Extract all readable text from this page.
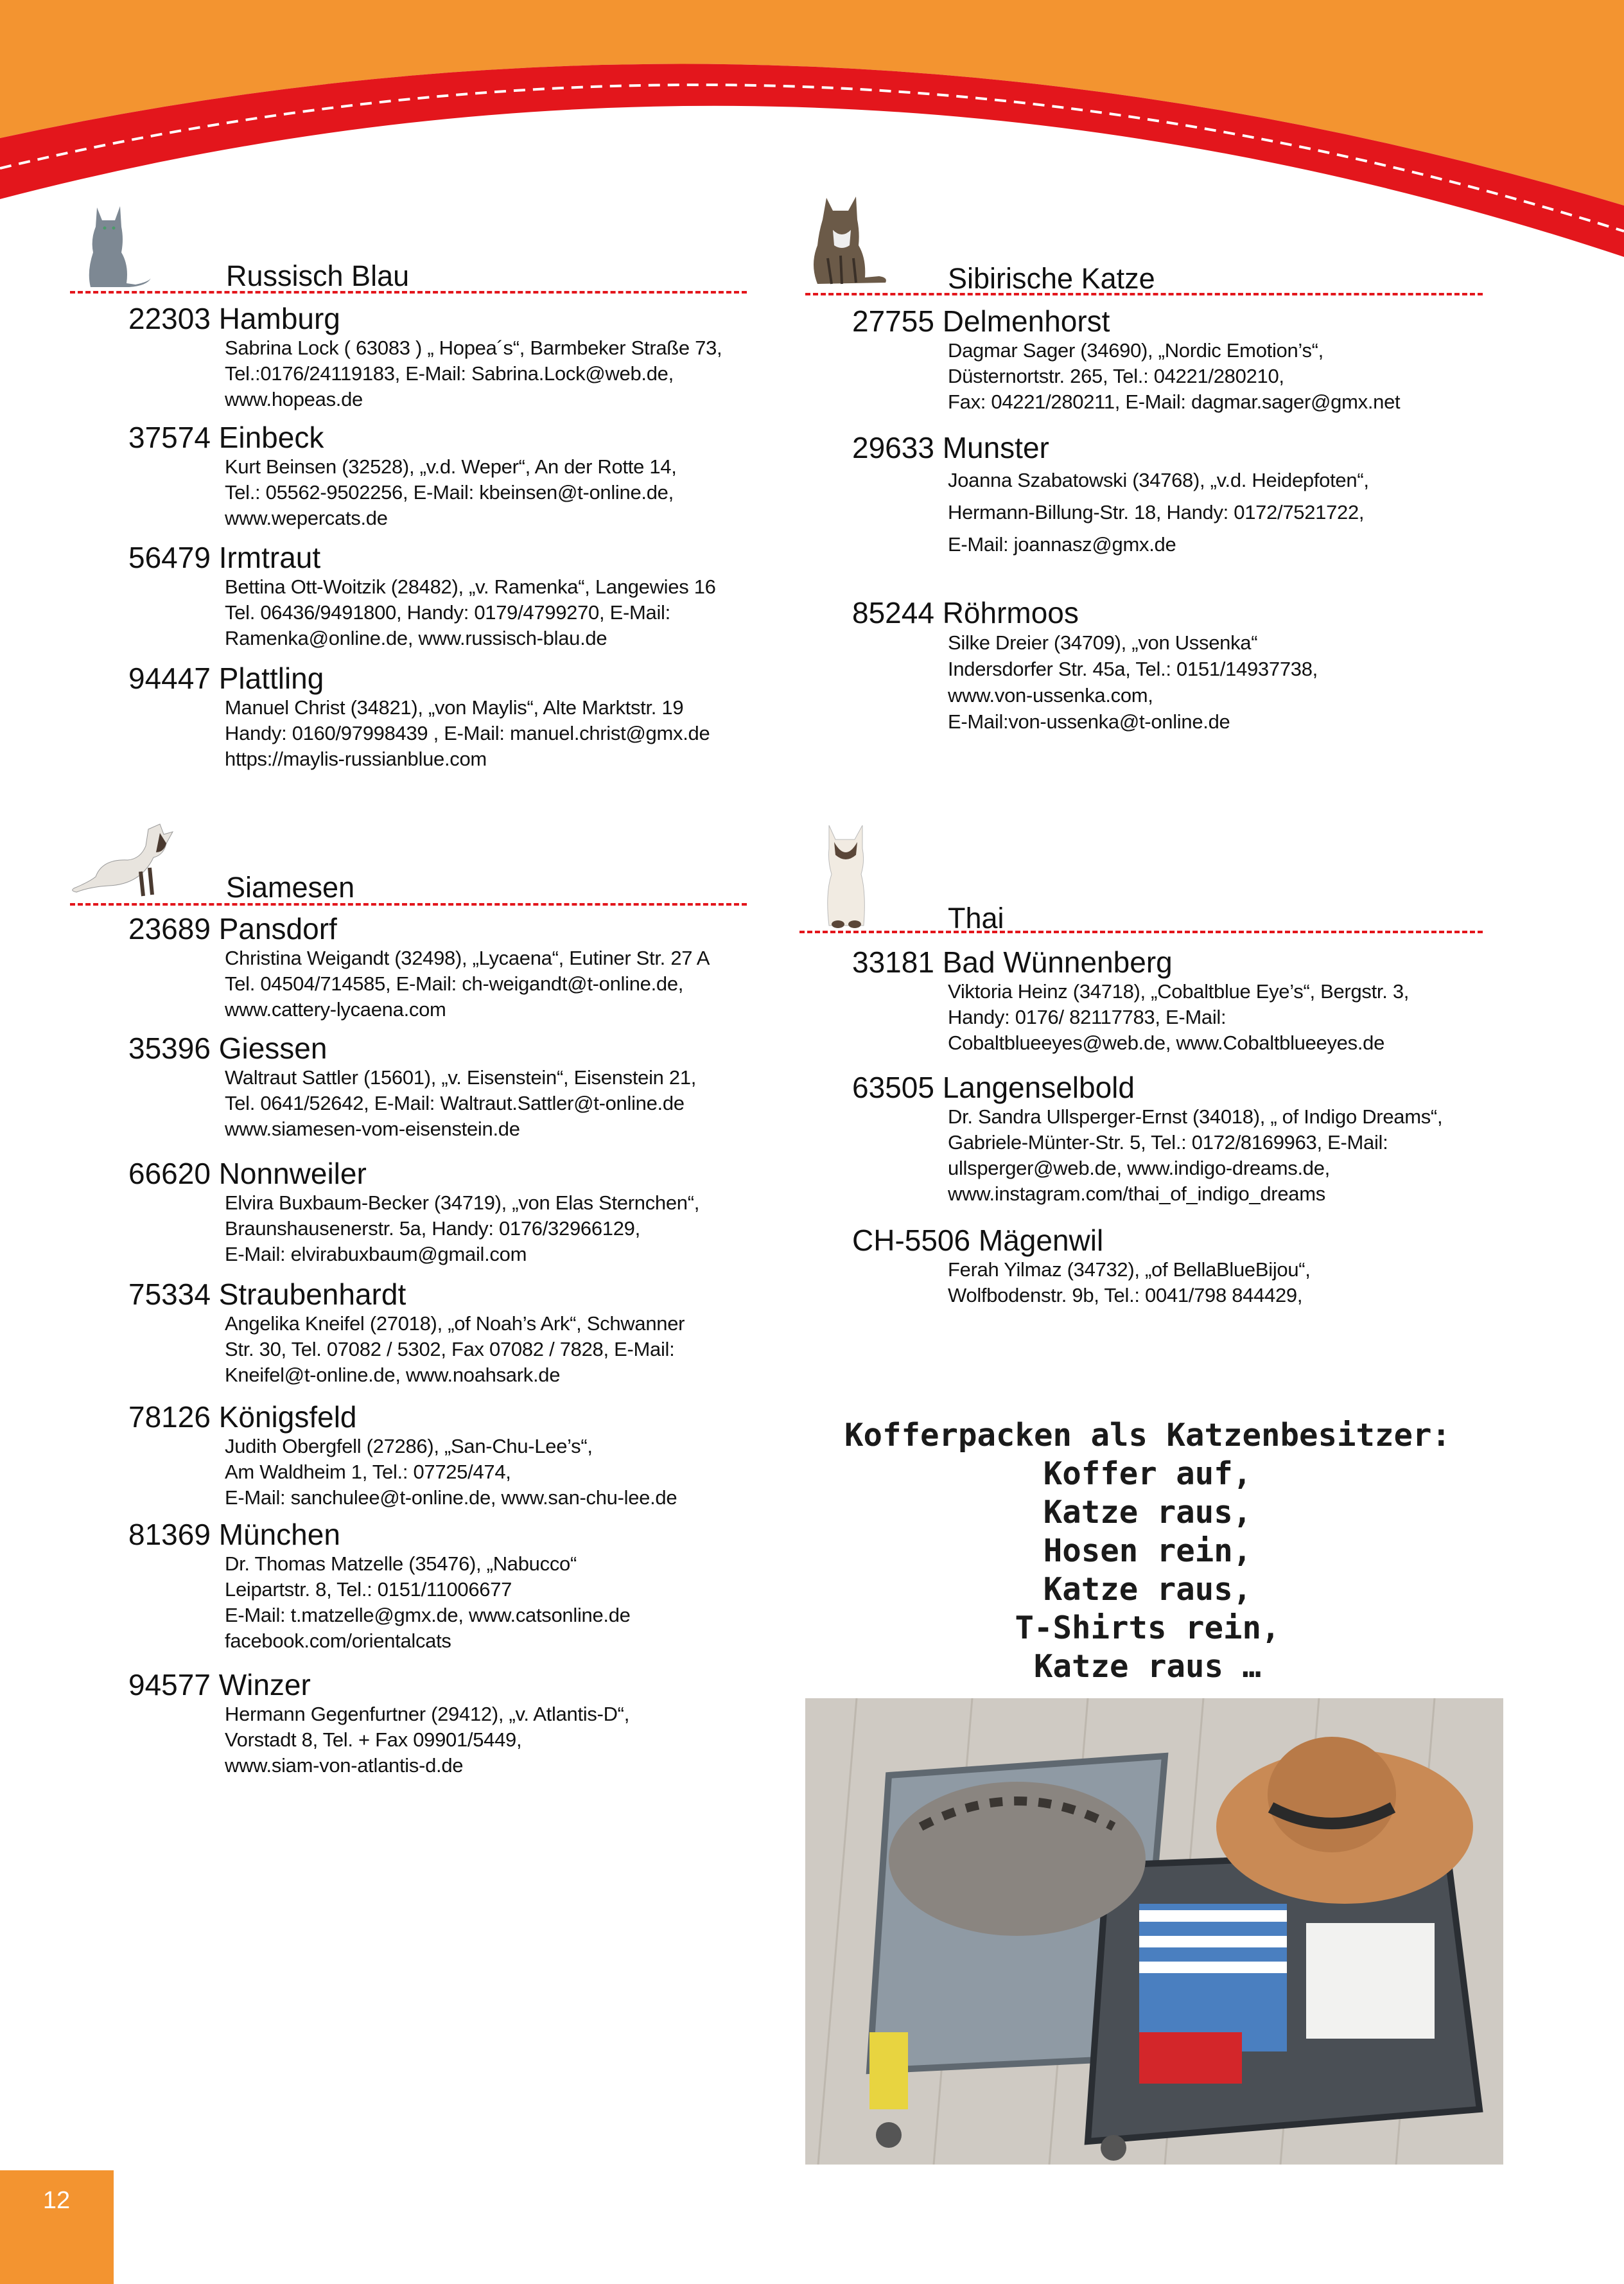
Russisch Blau
22303 Hamburg
Sabrina Lock ( 63083 ) „ Hopea´s“, Barmbeker Straße 73,
Tel.:0176/24119183, E-Mail: Sabrina.Lock@web.de,
www.hopeas.de
37574 Einbeck
Kurt Beinsen (32528), „v.d. Weper“, An der Rotte 14,
Tel.: 05562-9502256, E-Mail: kbeinsen@t-online.de,
www.wepercats.de
56479 Irmtraut
Bettina Ott-Woitzik (28482), „v. Ramenka“, Langewies 16
Tel. 06436/9491800, Handy: 0179/4799270, E-Mail:
Ramenka@online.de, www.russisch-blau.de
94447 Plattling
Manuel Christ (34821), „von Maylis“, Alte Marktstr. 19
Handy: 0160/97998439 , E-Mail: manuel.christ@gmx.de
https://maylis-russianblue.com
Sibirische Katze
27755 Delmenhorst
Dagmar Sager (34690), „Nordic Emotion’s“,
Düsternortstr. 265, Tel.: 04221/280210,
Fax: 04221/280211, E-Mail: dagmar.sager@gmx.net
29633 Munster
Joanna Szabatowski (34768), „v.d. Heidepfoten“,
Hermann-Billung-Str. 18, Handy: 0172/7521722,
E-Mail: joannasz@gmx.de
85244 Röhrmoos
Silke Dreier (34709), „von Ussenka“
Indersdorfer Str. 45a, Tel.: 0151/14937738,
www.von-ussenka.com,
E-Mail:von-ussenka@t-online.de
Siamesen
23689 Pansdorf
Christina Weigandt (32498), „Lycaena“, Eutiner Str. 27 A
Tel. 04504/714585, E-Mail: ch-weigandt@t-online.de,
www.cattery-lycaena.com
35396 Giessen
Waltraut Sattler (15601), „v. Eisenstein“, Eisenstein 21,
Tel. 0641/52642, E-Mail: Waltraut.Sattler@t-online.de
www.siamesen-vom-eisenstein.de
66620 Nonnweiler
Elvira Buxbaum-Becker (34719), „von Elas Sternchen“,
Braunshausenerstr. 5a, Handy: 0176/32966129,
E-Mail: elvirabuxbaum@gmail.com
75334 Straubenhardt
Angelika Kneifel (27018), „of Noah’s Ark“, Schwanner
Str. 30, Tel. 07082 / 5302, Fax 07082 / 7828, E-Mail:
Kneifel@t-online.de, www.noahsark.de
78126 Königsfeld
Judith Obergfell (27286), „San-Chu-Lee’s“,
Am Waldheim 1, Tel.: 07725/474,
E-Mail: sanchulee@t-online.de, www.san-chu-lee.de
81369 München
Dr. Thomas Matzelle (35476), „Nabucco“
Leipartstr. 8, Tel.: 0151/11006677
E-Mail: t.matzelle@gmx.de, www.catsonline.de
facebook.com/orientalcats
94577 Winzer
Hermann Gegenfurtner (29412), „v. Atlantis-D“,
Vorstadt 8, Tel. + Fax 09901/5449,
www.siam-von-atlantis-d.de
Thai
33181 Bad Wünnenberg
Viktoria Heinz (34718), „Cobaltblue Eye’s“, Bergstr. 3,
Handy: 0176/ 82117783, E-Mail:
Cobaltblueeyes@web.de, www.Cobaltblueeyes.de
63505 Langenselbold
Dr. Sandra Ullsperger-Ernst (34018), „ of Indigo Dreams“,
Gabriele-Münter-Str. 5, Tel.: 0172/8169963, E-Mail:
ullsperger@web.de, www.indigo-dreams.de,
www.instagram.com/thai_of_indigo_dreams
CH-5506 Mägenwil
Ferah Yilmaz (34732), „of BellaBlueBijou“,
Wolfbodenstr. 9b, Tel.: 0041/798 844429,
Kofferpacken als Katzenbesitzer:
Koffer auf,
Katze raus,
Hosen rein,
Katze raus,
T-Shirts rein,
Katze raus …
12
